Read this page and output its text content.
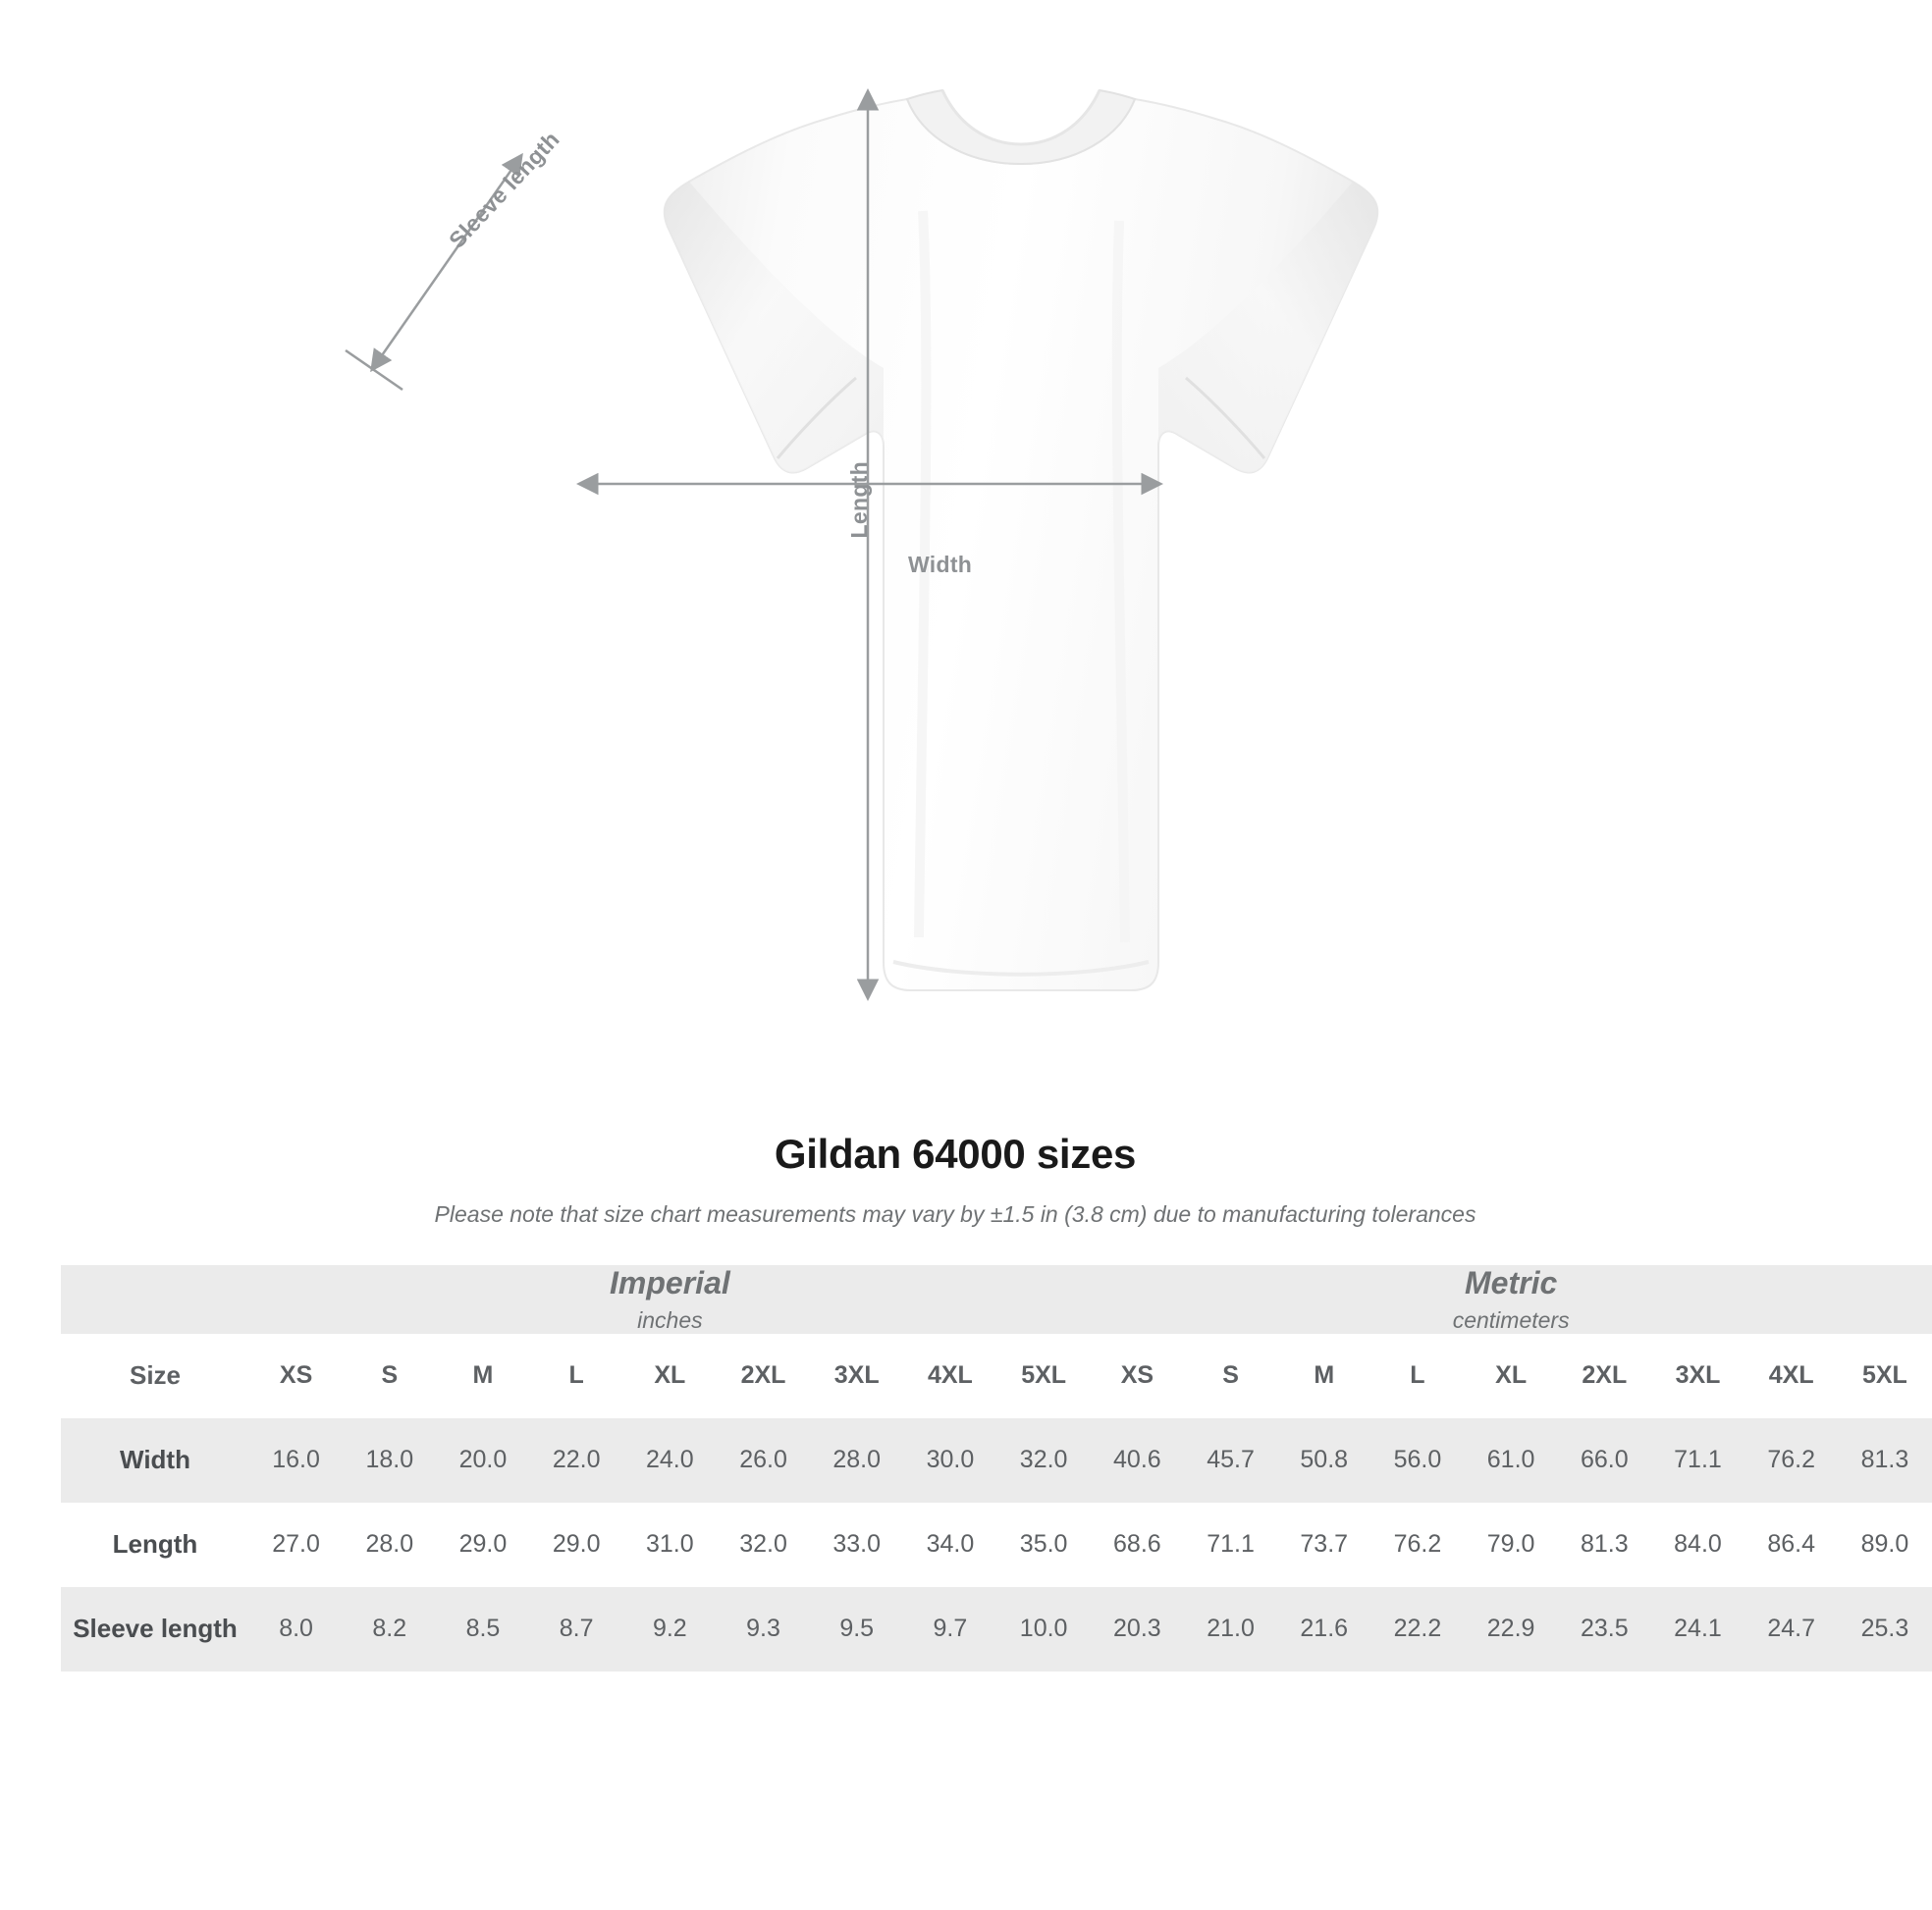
Length
Width
Sleeve length
Gildan 64000 sizes
Please note that size chart measurements may vary by ±1.5 in (3.8 cm) due to manufacturing tolerances

Imperial
inches

Metric
centimeters

Size	XS	S	M	L	XL	2XL	3XL	4XL	5XL	XS	S	M	L	XL	2XL	3XL	4XL	5XL
Width	16.0	18.0	20.0	22.0	24.0	26.0	28.0	30.0	32.0	40.6	45.7	50.8	56.0	61.0	66.0	71.1	76.2	81.3
Length	27.0	28.0	29.0	29.0	31.0	32.0	33.0	34.0	35.0	68.6	71.1	73.7	76.2	79.0	81.3	84.0	86.4	89.0
Sleeve length	8.0	8.2	8.5	8.7	9.2	9.3	9.5	9.7	10.0	20.3	21.0	21.6	22.2	22.9	23.5	24.1	24.7	25.3
